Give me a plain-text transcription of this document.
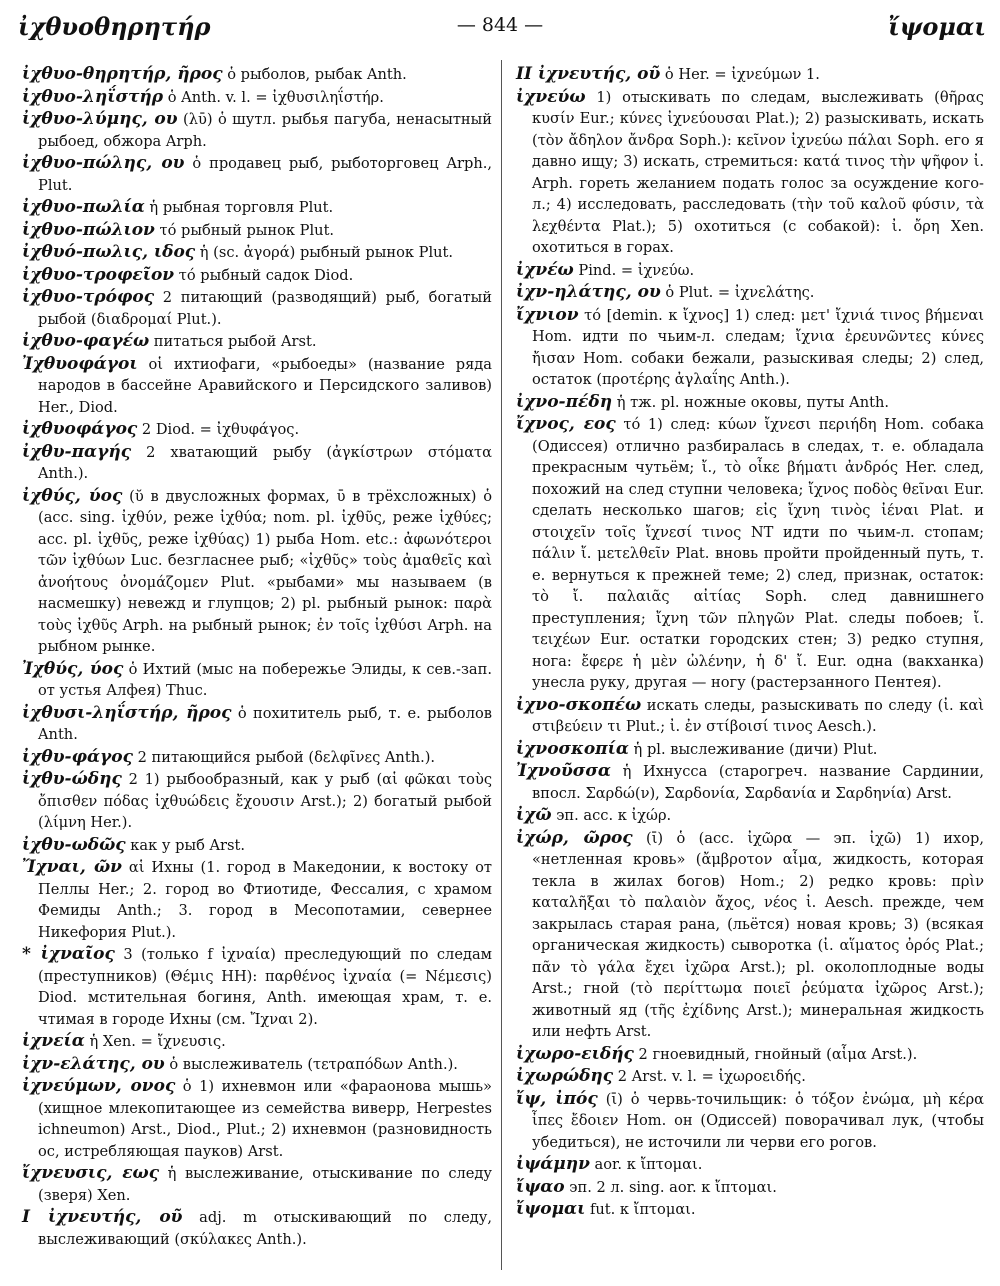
ἰχθυοθηρητήρ	— 844 —	ἴψομαι

ἰχθυο-θηρητήρ, ῆρος ὁ рыболов, рыбак Anth.

ἰχθυο-ληΐστήρ ὁ Anth. v. l. = ἰχθυσιληΐστήρ.

ἰχθυο-λύμης, ου (λῡ) ὁ шутл. рыбья пагуба, ненасытный рыбоед, обжора Arph.

ἰχθυο-πώλης, ου ὁ продавец рыб, рыботорговец Arph., Plut.

ἰχθυο-πωλία ἡ рыбная торговля Plut.

ἰχθυο-πώλιον τό рыбный рынок Plut.

ἰχθυό-πωλις, ιδος ἡ (sc. ἀγορά) рыбный рынок Plut.

ἰχθυο-τροφεῖον τό рыбный садок Diod.

ἰχθυο-τρόφος 2 питающий (разводящий) рыб, богатый рыбой (διαδρομαί Plut.).

ἰχθυο-φαγέω питаться рыбой Arst.

Ἰχθυοφάγοι οἱ ихтиофаги, «рыбоеды» (название ряда народов в бассейне Аравийского и Персидского заливов) Her., Diod.

ἰχθυοφάγος 2 Diod. = ἰχθυφάγος.

ἰχθυ-παγής 2 хватающий рыбу (ἀγκίστρων στόματα Anth.).

ἰχθύς, ύος (ῠ в двусложных формах, ῡ в трёхсложных) ὁ (acc. sing. ἰχθύν, реже ἰχθύα; nom. pl. ἰχθῦς, реже ἰχθύες; acc. pl. ἰχθῦς, реже ἰχθύας) 1) рыба Hom. etc.: ἀφωνότεροι τῶν ἰχθύων Luc. безгласнее рыб; «ἰχθῦς» τοὺς ἀμαθεῖς καὶ ἀνοήτους ὀνομάζομεν Plut. «рыбами» мы называем (в насмешку) невежд и глупцов; 2) pl. рыбный рынок: παρὰ τοὺς ἰχθῦς Arph. на рыбный рынок; ἐν τοῖς ἰχθύσι Arph. на рыбном рынке.

Ἰχθύς, ύος ὁ Ихтий (мыс на побережье Элиды, к сев.-зап. от устья Алфея) Thuc.

ἰχθυσι-ληΐστήρ, ῆρος ὁ похититель рыб, т. е. рыболов Anth.

ἰχθυ-φάγος 2 питающийся рыбой (δελφῖνες Anth.).

ἰχθυ-ώδης 2 1) рыбообразный, как у рыб (αἱ φῶκαι τοὺς ὄπισθεν πόδας ἰχθυώδεις ἔχουσιν Arst.); 2) богатый рыбой (λίμνη Her.).

ἰχθυ-ωδῶς как у рыб Arst.

Ἴχναι, ῶν αἱ Ихны (1. город в Македонии, к востоку от Пеллы Her.; 2. город во Фтиотиде, Фессалия, с храмом Фемиды Anth.; 3. город в Месопотамии, севернее Никефория Plut.).

* ἰχναῖος 3 (только f ἰχναία) преследующий по следам (преступников) (Θέμις HH): παρθένος ἰχναία (= Νέμεσις) Diod. мстительная богиня, Anth. имеющая храм, т. е. чтимая в городе Ихны (см. Ἴχναι 2).

ἰχνεία ἡ Xen. = ἴχνευσις.

ἰχν-ελάτης, ου ὁ выслеживатель (τετραπόδων Anth.).

ἰχνεύμων, ονος ὁ 1) ихневмон или «фараонова мышь» (хищное млекопитающее из семейства виверр, Herpestes ichneumon) Arst., Diod., Plut.; 2) ихневмон (разновидность ос, истребляющая пауков) Arst.

ἴχνευσις, εως ἡ выслеживание, отыскивание по следу (зверя) Xen.

I ἰχνευτής, οῦ adj. m отыскивающий по следу, выслеживающий (σκύλακες Anth.).

II ἰχνευτής, οῦ ὁ Her. = ἰχνεύμων 1.

ἰχνεύω 1) отыскивать по следам, выслеживать (θῆρας κυσίν Eur.; κύνες ἰχνεύουσαι Plat.); 2) разыскивать, искать (τὸν ἄδηλον ἄνδρα Soph.): κεῖνον ἰχνεύω πάλαι Soph. его я давно ищу; 3) искать, стремиться: κατά τινος τὴν ψῆφον ἰ. Arph. гореть желанием подать голос за осуждение кого-л.; 4) исследовать, расследовать (τὴν τοῦ καλοῦ φύσιν, τὰ λεχθέντα Plat.); 5) охотиться (с собакой): ἰ. ὄρη Xen. охотиться в горах.

ἰχνέω Pind. = ἰχνεύω.

ἰχν-ηλάτης, ου ὁ Plut. = ἰχνελάτης.

ἴχνιον τό [demin. к ἴχνος] 1) след: μετ' ἴχνιά τινος βήμεναι Hom. идти по чьим-л. следам; ἴχνια ἐρευνῶντες κύνες ἤισαν Hom. собаки бежали, разыскивая следы; 2) след, остаток (προτέρης ἀγλαΐης Anth.).

ἰχνο-πέδη ἡ тж. pl. ножные оковы, путы Anth.

ἴχνος, εος τό 1) след: κύων ἴχνεσι περιήδη Hom. собака (Одиссея) отлично разбиралась в следах, т. е. обладала прекрасным чутьём; ἴ., τὸ οἶκε βήματι ἀνδρός Her. след, похожий на след ступни человека; ἴχνος ποδὸς θεῖναι Eur. сделать несколько шагов; εἰς ἴχνη τινὸς ἰέναι Plat. и στοιχεῖν τοῖς ἴχνεσί τινος NT идти по чьим-л. стопам; πάλιν ἴ. μετελθεῖν Plat. вновь пройти пройденный путь, т. е. вернуться к прежней теме; 2) след, признак, остаток: τὸ ἴ. παλαιᾶς αἰτίας Soph. след давнишнего преступления; ἴχνη τῶν πληγῶν Plat. следы побоев; ἴ. τειχέων Eur. остатки городских стен; 3) редко ступня, нога: ἔφερε ἡ μὲν ὠλένην, ἡ δ' ἴ. Eur. одна (вакханка) унесла руку, другая — ногу (растерзанного Пентея).

ἰχνο-σκοπέω искать следы, разыскивать по следу (ἰ. καὶ στιβεύειν τι Plut.; ἰ. ἐν στίβοισί τινος Aesch.).

ἰχνοσκοπία ἡ pl. выслеживание (дичи) Plut.

Ἰχνοῦσσα ἡ Ихнусса (старогреч. название Сардинии, впосл. Σαρδώ(ν), Σαρδονία, Σαρδανία и Σαρδηνία) Arst.

ἰχῶ эп. acc. к ἰχώρ.

ἰχώρ, ῶρος (ῑ) ὁ (acc. ἰχῶρα — эп. ἰχῶ) 1) ихор, «нетленная кровь» (ἄμβροτον αἷμα, жидкость, которая текла в жилах богов) Hom.; 2) редко кровь: πρὶν καταλῆξαι τὸ παλαιὸν ἄχος, νέος ἰ. Aesch. прежде, чем закрылась старая рана, (льётся) новая кровь; 3) (всякая органическая жидкость) сыворотка (ἰ. αἵματος ὀρός Plat.; πᾶν τὸ γάλα ἔχει ἰχῶρα Arst.); pl. околоплодные воды Arst.; гной (τὸ περίττωμα ποιεῖ ῥεύματα ἰχῶρος Arst.); животный яд (τῆς ἐχίδνης Arst.); минеральная жидкость или нефть Arst.

ἰχωρο-ειδής 2 гноевидный, гнойный (αἷμα Arst.).

ἰχωρώδης 2 Arst. v. l. = ἰχωροειδής.

ἴψ, ἰπός (ῑ) ὁ червь-точильщик: ὁ τόξον ἐνώμα, μὴ κέρα ἶπες ἔδοιεν Hom. он (Одиссей) поворачивал лук, (чтобы убедиться), не источили ли черви его рогов.

ἰψάμην aor. к ἴπτομαι.

ἴψαο эп. 2 л. sing. aor. к ἴπτομαι.

ἴψομαι fut. к ἴπτομαι.
